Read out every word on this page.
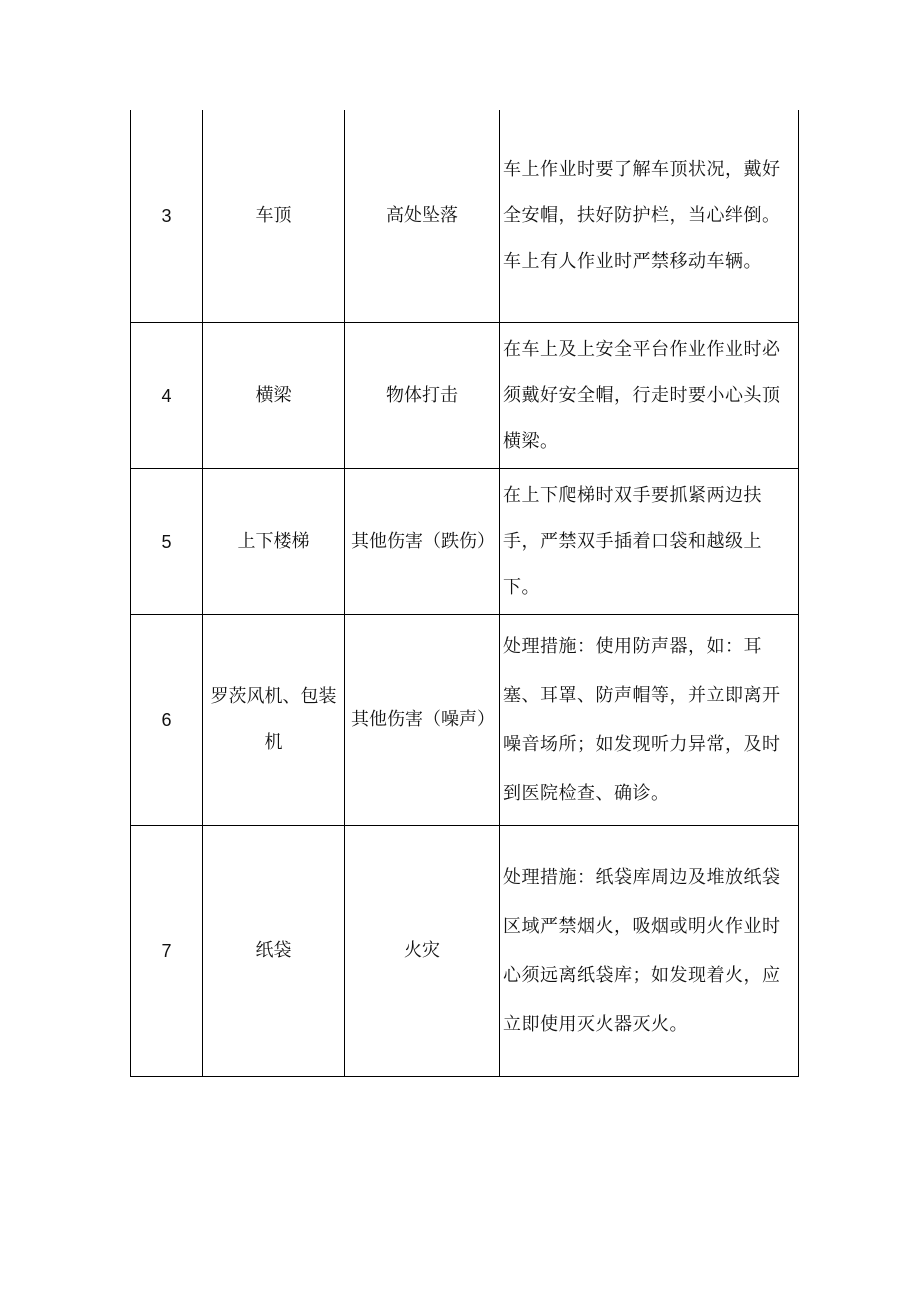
3	车顶	高处坠落	车上作业时要了解车顶状况，戴好全安帽，扶好防护栏，当心绊倒。车上有人作业时严禁移动车辆。

4	横梁	物体打击	在车上及上安全平台作业作业时必须戴好安全帽，行走时要小心头顶横梁。

5	上下楼梯	其他伤害（跌伤）	在上下爬梯时双手要抓紧两边扶手，严禁双手插着口袋和越级上下。

6	罗茨风机、包装机	其他伤害（噪声）	处理措施：使用防声器，如：耳塞、耳罩、防声帽等，并立即离开噪音场所；如发现听力异常，及时到医院检查、确诊。

7	纸袋	火灾	处理措施：纸袋库周边及堆放纸袋区域严禁烟火，吸烟或明火作业时心须远离纸袋库；如发现着火，应立即使用灭火器灭火。
